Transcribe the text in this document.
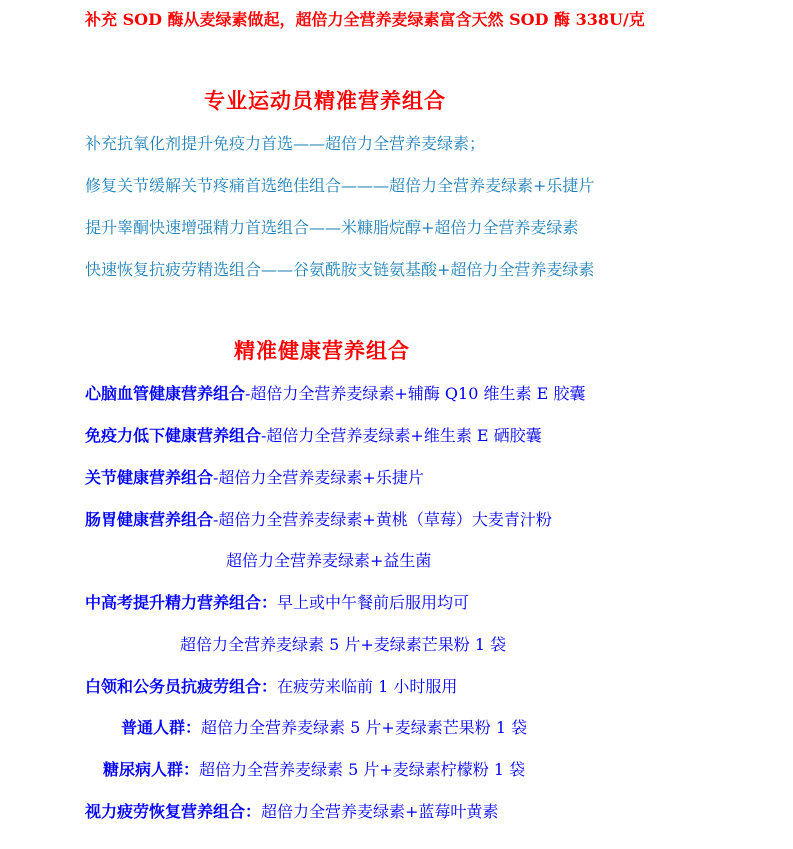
补充 SOD 酶从麦绿素做起，超倍力全营养麦绿素富含天然 SOD 酶 338U/克
专业运动员精准营养组合
补充抗氧化剂提升免疫力首选——超倍力全营养麦绿素；
修复关节缓解关节疼痛首选绝佳组合———超倍力全营养麦绿素+乐捷片
提升睾酮快速增强精力首选组合——米糠脂烷醇+超倍力全营养麦绿素
快速恢复抗疲劳精选组合——谷氨酰胺支链氨基酸+超倍力全营养麦绿素
精准健康营养组合
心脑血管健康营养组合-超倍力全营养麦绿素+辅酶 Q10 维生素 E 胶囊
免疫力低下健康营养组合-超倍力全营养麦绿素+维生素 E 硒胶囊
关节健康营养组合-超倍力全营养麦绿素+乐捷片
肠胃健康营养组合-超倍力全营养麦绿素+黄桃（草莓）大麦青汁粉
超倍力全营养麦绿素+益生菌
中高考提升精力营养组合：早上或中午餐前后服用均可
超倍力全营养麦绿素 5 片+麦绿素芒果粉 1 袋
白领和公务员抗疲劳组合：在疲劳来临前 1 小时服用
普通人群：超倍力全营养麦绿素 5 片+麦绿素芒果粉 1 袋
糖尿病人群：超倍力全营养麦绿素 5 片+麦绿素柠檬粉 1 袋
视力疲劳恢复营养组合：超倍力全营养麦绿素+蓝莓叶黄素
